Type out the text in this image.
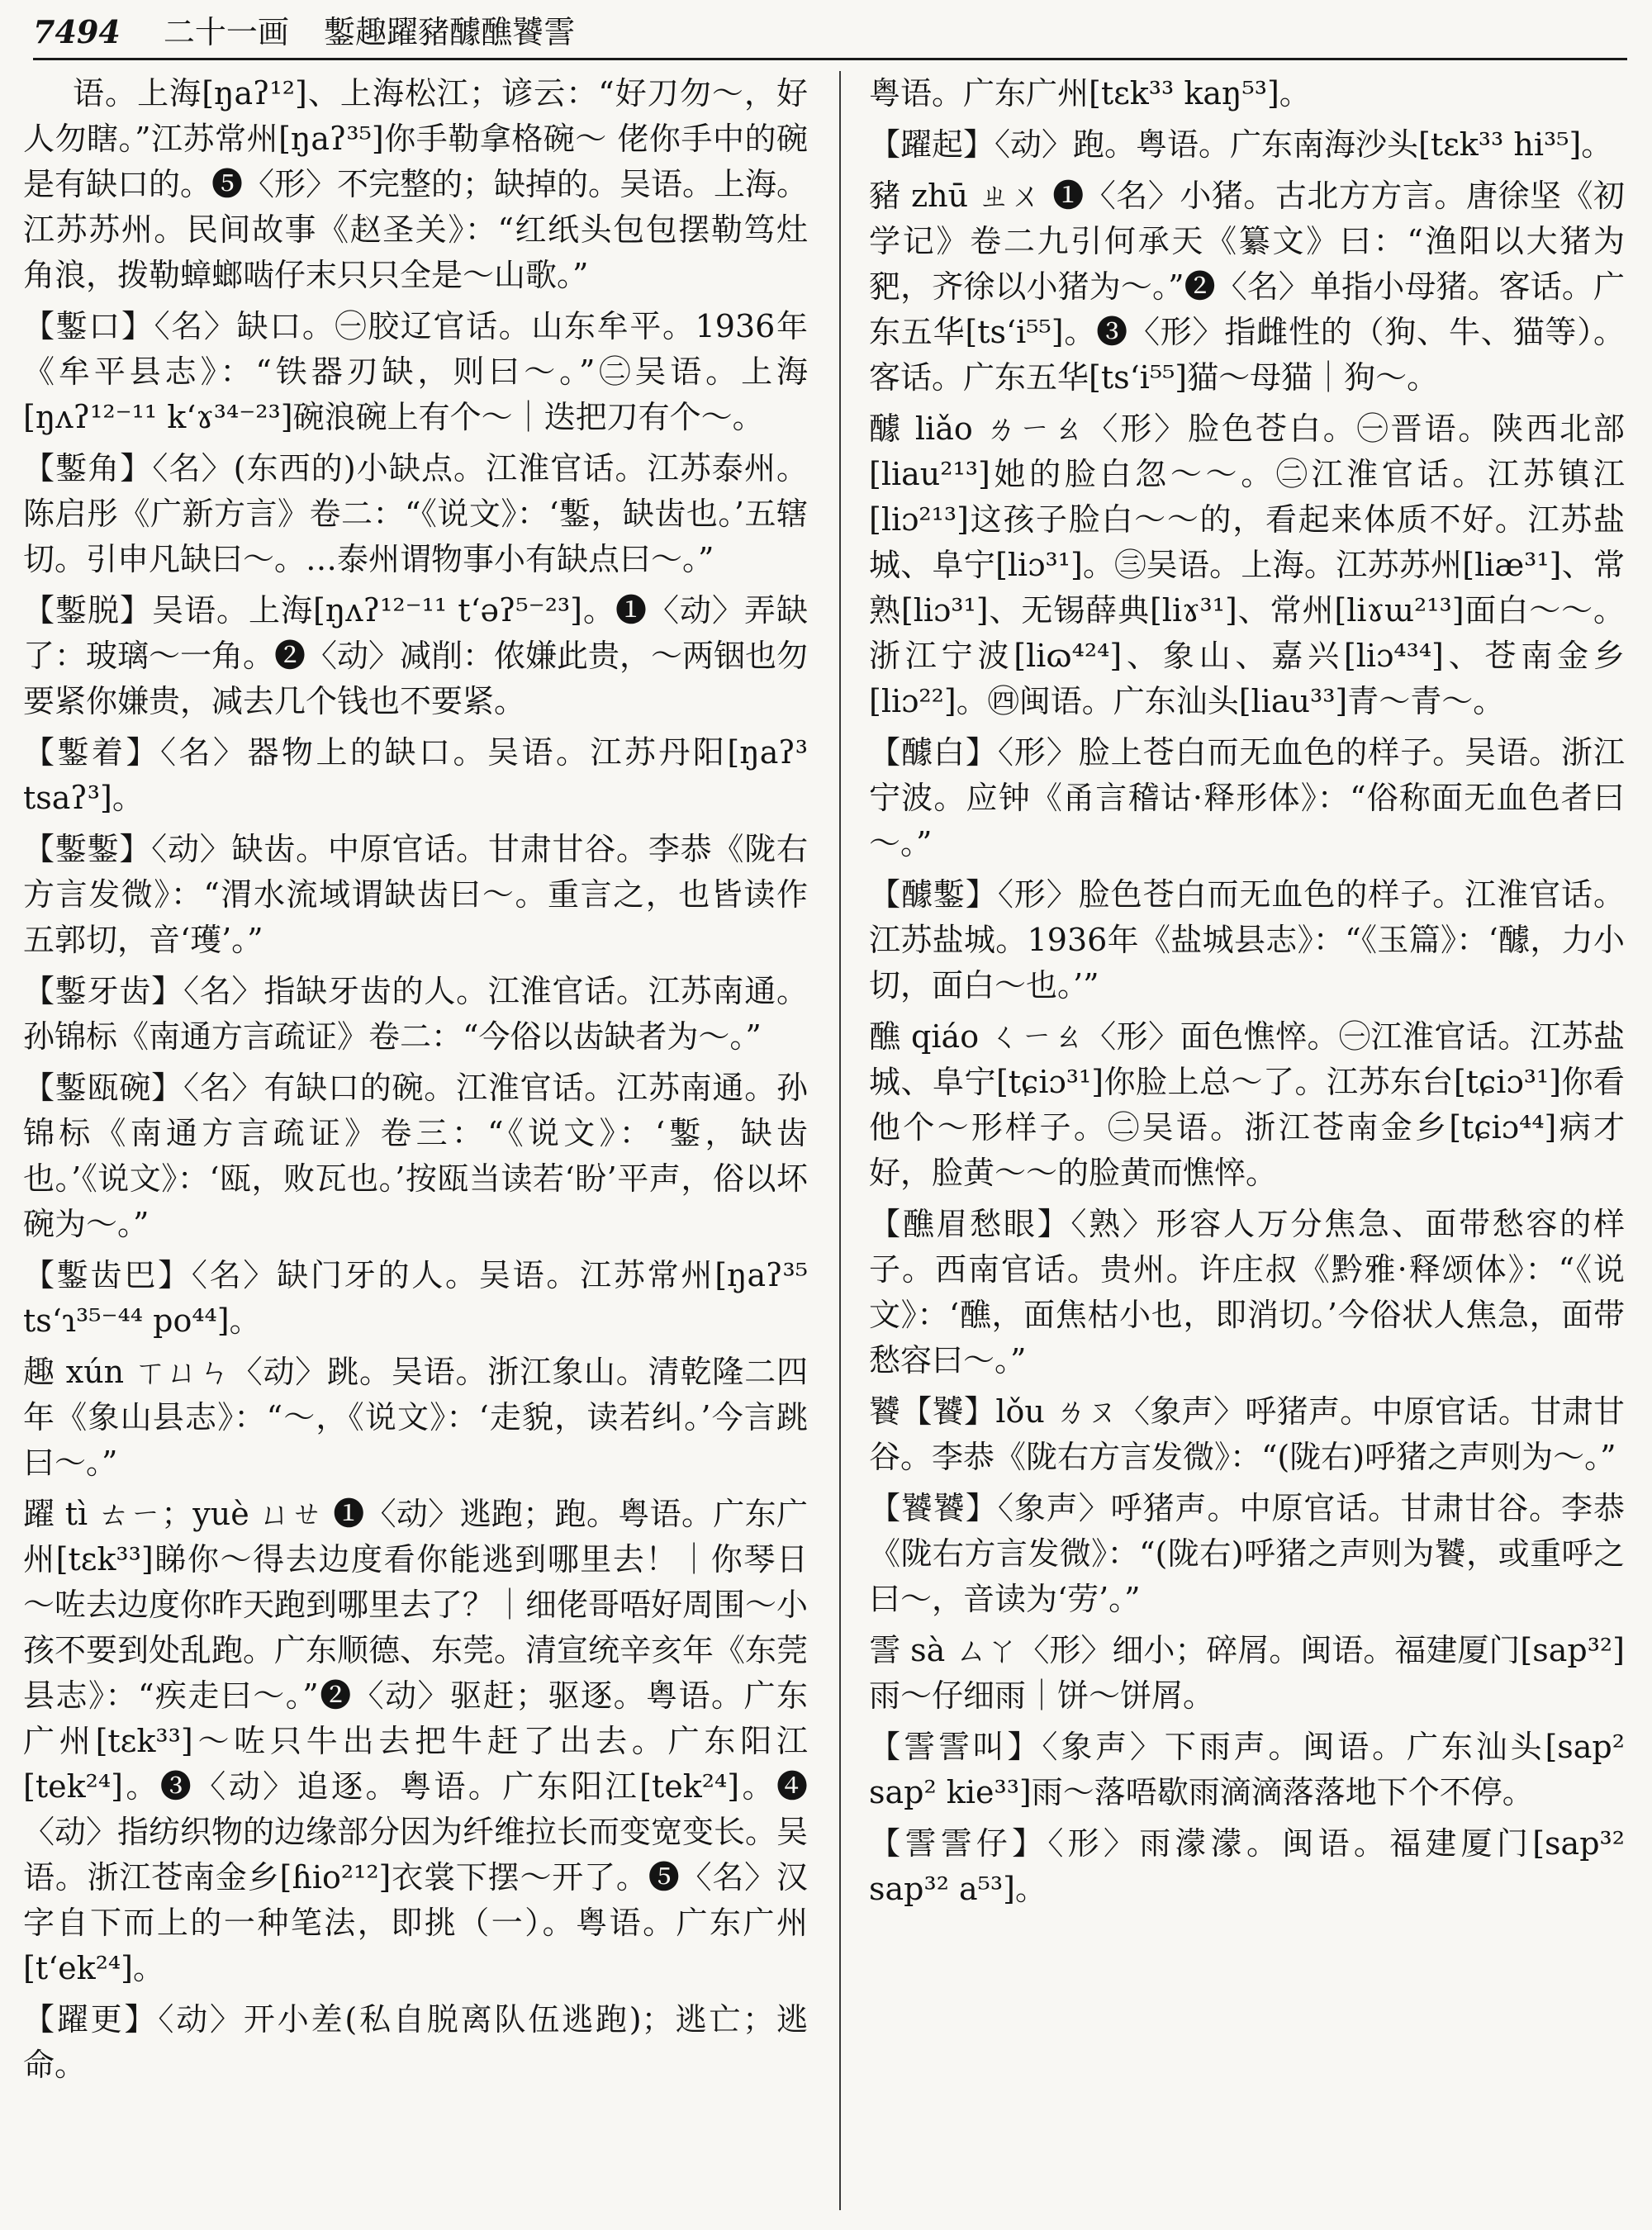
7494 二十一画 鏨趣躍豬醵醮饕霅

语。上海[ŋaʔ¹²]、上海松江；谚云：“好刀勿～，好人勿瞎。”江苏常州[ŋaʔ³⁵]你手勒拿格碗～ 佬你手中的碗是有缺口的。❺〈形〉不完整的；缺掉的。吴语。上海。江苏苏州。民间故事《赵圣关》：“红纸头包包摆勒笃灶角浪，拨勒蟑螂啮仔末只只全是～山歌。”

【鏨口】〈名〉缺口。㊀胶辽官话。山东牟平。1936年《牟平县志》：“铁器刃缺，则曰～。”㊁吴语。上海[ŋʌʔ¹²⁻¹¹ k‘ɤ³⁴⁻²³]碗浪碗上有个～｜迭把刀有个～。

【鏨角】〈名〉(东西的)小缺点。江淮官话。江苏泰州。陈启彤《广新方言》卷二：“《说文》：‘鏨，缺齿也。’五辖切。引申凡缺曰～。…泰州谓物事小有缺点曰～。”

【鏨脱】吴语。上海[ŋʌʔ¹²⁻¹¹ t‘əʔ⁵⁻²³]。❶〈动〉弄缺了：玻璃～一角。❷〈动〉减削：侬嫌此贵，～两铟也勿要紧你嫌贵，减去几个钱也不要紧。

【鏨着】〈名〉器物上的缺口。吴语。江苏丹阳[ŋaʔ³ tsaʔ³]。

【鏨鏨】〈动〉缺齿。中原官话。甘肃甘谷。李恭《陇右方言发微》：“渭水流域谓缺齿曰～。重言之，也皆读作五郭切，音‘瓁’。”

【鏨牙齿】〈名〉指缺牙齿的人。江淮官话。江苏南通。孙锦标《南通方言疏证》卷二：“今俗以齿缺者为～。”

【鏨瓯碗】〈名〉有缺口的碗。江淮官话。江苏南通。孙锦标《南通方言疏证》卷三：“《说文》：‘鏨，缺齿也。’《说文》：‘瓯，败瓦也。’按瓯当读若‘盼’平声，俗以坏碗为～。”

【鏨齿巴】〈名〉缺门牙的人。吴语。江苏常州[ŋaʔ³⁵ ts‘ɿ³⁵⁻⁴⁴ po⁴⁴]。

趣 xún ㄒㄩㄣ〈动〉跳。吴语。浙江象山。清乾隆二四年《象山县志》：“～，《说文》：‘走貌，读若纠。’今言跳曰～。”

躍 tì ㄊㄧ；yuè ㄩㄝ ❶〈动〉逃跑；跑。粤语。广东广州[tɛk³³]睇你～得去边度看你能逃到哪里去！｜你琴日～咗去边度你昨天跑到哪里去了？｜细佬哥唔好周围～小孩不要到处乱跑。广东顺德、东莞。清宣统辛亥年《东莞县志》：“疾走曰～。”❷〈动〉驱赶；驱逐。粤语。广东广州[tɛk³³]～咗只牛出去把牛赶了出去。广东阳江[tek²⁴]。❸〈动〉追逐。粤语。广东阳江[tek²⁴]。❹〈动〉指纺织物的边缘部分因为纤维拉长而变宽变长。吴语。浙江苍南金乡[ɦio²¹²]衣裳下摆～开了。❺〈名〉汉字自下而上的一种笔法，即挑（一）。粤语。广东广州[t‘ek²⁴]。

【躍更】〈动〉开小差(私自脱离队伍逃跑)；逃亡；逃命。

粤语。广东广州[tɛk³³ kaŋ⁵³]。

【躍起】〈动〉跑。粤语。广东南海沙头[tɛk³³ hi³⁵]。

豬 zhū ㄓㄨ ❶〈名〉小猪。古北方方言。唐徐坚《初学记》卷二九引何承天《纂文》曰：“渔阳以大猪为豝，齐徐以小猪为～。”❷〈名〉单指小母猪。客话。广东五华[ts‘i⁵⁵]。❸〈形〉指雌性的（狗、牛、猫等）。客话。广东五华[ts‘i⁵⁵]猫～母猫｜狗～。

醵 liǎo ㄌㄧㄠ〈形〉脸色苍白。㊀晋语。陕西北部[liau²¹³]她的脸白忽～～。㊁江淮官话。江苏镇江[liɔ²¹³]这孩子脸白～～的，看起来体质不好。江苏盐城、阜宁[liɔ³¹]。㊂吴语。上海。江苏苏州[liæ³¹]、常熟[liɔ³¹]、无锡薛典[liɤ³¹]、常州[liɤɯ²¹³]面白～～。浙江宁波[liɷ⁴²⁴]、象山、嘉兴[liɔ⁴³⁴]、苍南金乡[liɔ²²]。㊃闽语。广东汕头[liau³³]青～青～。

【醵白】〈形〉脸上苍白而无血色的样子。吴语。浙江宁波。应钟《甬言稽诂·释形体》：“俗称面无血色者曰～。”

【醵鏨】〈形〉脸色苍白而无血色的样子。江淮官话。江苏盐城。1936年《盐城县志》：“《玉篇》：‘醵，力小切，面白～也。’”

醮 qiáo ㄑㄧㄠ〈形〉面色憔悴。㊀江淮官话。江苏盐城、阜宁[tɕiɔ³¹]你脸上总～了。江苏东台[tɕiɔ³¹]你看他个～形样子。㊁吴语。浙江苍南金乡[tɕiɔ⁴⁴]病才好，脸黄～～的脸黄而憔悴。

【醮眉愁眼】〈熟〉形容人万分焦急、面带愁容的样子。西南官话。贵州。许庄叔《黔雅·释颂体》：“《说文》：‘醮，面焦枯小也，即消切。’今俗状人焦急，面带愁容曰～。”

饕【饕】lǒu ㄌㄡ〈象声〉呼猪声。中原官话。甘肃甘谷。李恭《陇右方言发微》：“(陇右)呼猪之声则为～。”

【饕饕】〈象声〉呼猪声。中原官话。甘肃甘谷。李恭《陇右方言发微》：“(陇右)呼猪之声则为饕，或重呼之曰～，音读为‘劳’。”

霅 sà ㄙㄚ〈形〉细小；碎屑。闽语。福建厦门[sap³²]雨～仔细雨｜饼～饼屑。

【霅霅叫】〈象声〉下雨声。闽语。广东汕头[sap² sap² kie³³]雨～落唔歇雨滴滴落落地下个不停。

【霅霅仔】〈形〉雨濛濛。闽语。福建厦门[sap³² sap³² a⁵³]。
